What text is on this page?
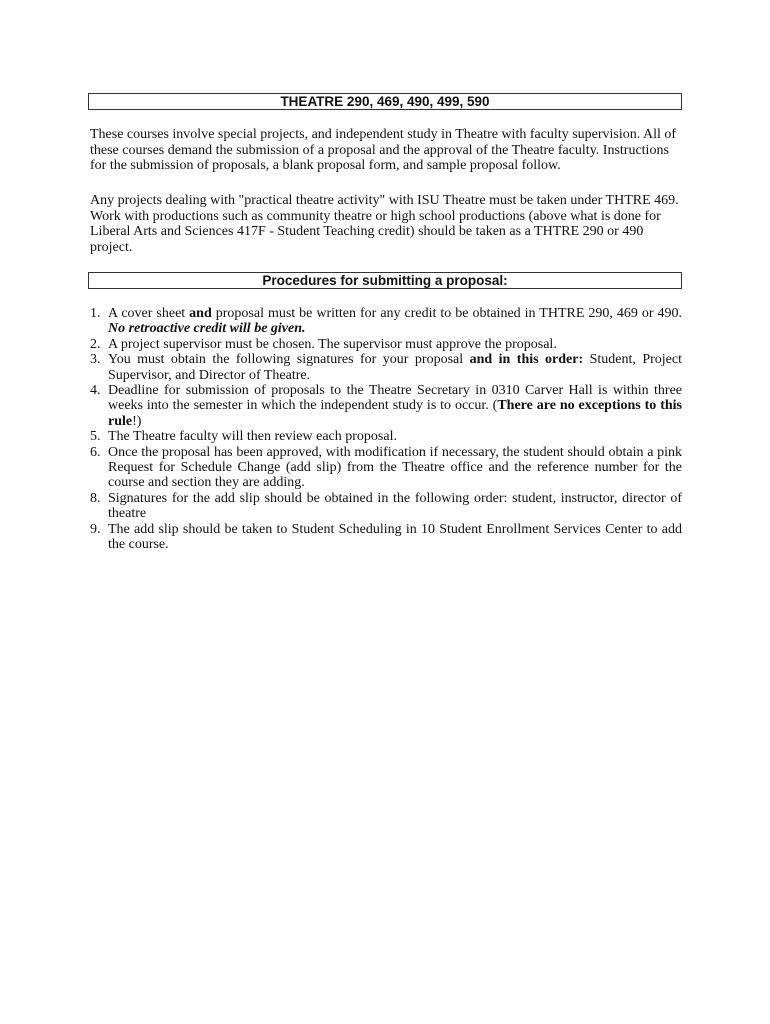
THEATRE 290, 469, 490, 499, 590

These courses involve special projects, and independent study in Theatre with faculty supervision. All of these courses demand the submission of a proposal and the approval of the Theatre faculty. Instructions for the submission of proposals, a blank proposal form, and sample proposal follow.

Any projects dealing with "practical theatre activity" with ISU Theatre must be taken under THTRE 469. Work with productions such as community theatre or high school productions (above what is done for Liberal Arts and Sciences 417F - Student Teaching credit) should be taken as a THTRE 290 or 490 project.

Procedures for submitting a proposal:
1. A cover sheet and proposal must be written for any credit to be obtained in THTRE 290, 469 or 490. No retroactive credit will be given.
2. A project supervisor must be chosen. The supervisor must approve the proposal.
3. You must obtain the following signatures for your proposal and in this order: Student, Project Supervisor, and Director of Theatre.
4. Deadline for submission of proposals to the Theatre Secretary in 0310 Carver Hall is within three weeks into the semester in which the independent study is to occur. (There are no exceptions to this rule!)
5. The Theatre faculty will then review each proposal.
6. Once the proposal has been approved, with modification if necessary, the student should obtain a pink Request for Schedule Change (add slip) from the Theatre office and the reference number for the course and section they are adding.
8. Signatures for the add slip should be obtained in the following order: student, instructor, director of theatre
9. The add slip should be taken to Student Scheduling in 10 Student Enrollment Services Center to add the course.
